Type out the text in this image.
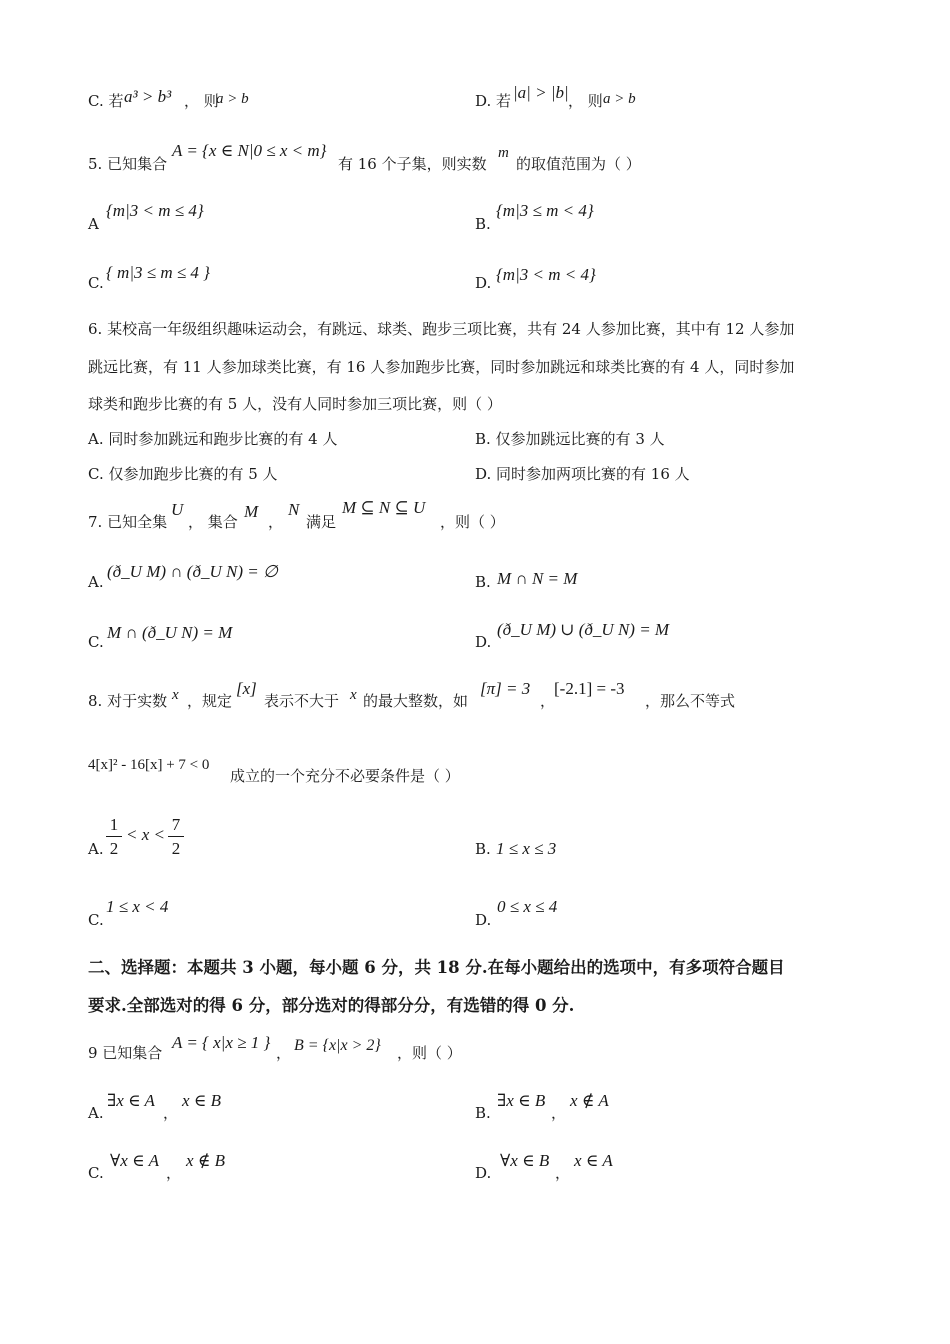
C. 若 a³ > b³ ， 则
a > b	D. 若 |a| > |b| ， 则 a > b
5. 已知集合
A = {x ∈ N|0 ≤ x < m}
有 16 个子集，则实数
m
的取值范围为（ ）
A
{m|3 < m ≤ 4}
B.
{m|3 ≤ m < 4}
C.
{ m|3 ≤ m ≤ 4 }
D. {m|3 < m < 4}
6. 某校高一年级组织趣味运动会，有跳远、球类、跑步三项比赛，共有 24 人参加比赛，其中有 12 人参加
跳远比赛，有 11 人参加球类比赛，有 16 人参加跑步比赛，同时参加跳远和球类比赛的有 4 人，同时参加
球类和跑步比赛的有 5 人，没有人同时参加三项比赛，则（ ）
A. 同时参加跳远和跑步比赛的有 4 人	B. 仅参加跳远比赛的有 3 人
C. 仅参加跑步比赛的有 5 人	D. 同时参加两项比赛的有 16 人
7. 已知全集
U
， 集合
M
，
N
满足
M ⊆ N ⊆ U
，则（ ）
A.
(ð_U M) ∩ (ð_U N) = ∅
B. M ∩ N = M
C. M ∩ (ð_U N) = M	D.
(ð_U M) ∪ (ð_U N) = M
8. 对于实数 x ，规定
[x]
表示不大于 x 的最大整数，如
[π] = 3
，
[-2.1] = -3
，那么不等式
4[x]² - 16[x] + 7 < 0
成立的一个充分不必要条件是（ ）
A.
1
2
< x <
7
2	B. 1 ≤ x ≤ 3
C.
1 ≤ x < 4
D.
0 ≤ x ≤ 4
二、选择题：本题共 3 小题，每小题 6 分，共 18 分.在每小题给出的选项中，有多项符合题目
要求.全部选对的得 6 分，部分选对的得部分分，有选错的得 0 分.
9 已知集合
A = { x|x ≥ 1 }
， B = {x|x > 2} ，则（ ）
A.
∃x ∈ A
，
x ∈ B
B.
∃x ∈ B
，
x ∉ A
C.
∀x ∈ A
，
x ∉ B
D.
∀x ∈ B
，
x ∈ A
